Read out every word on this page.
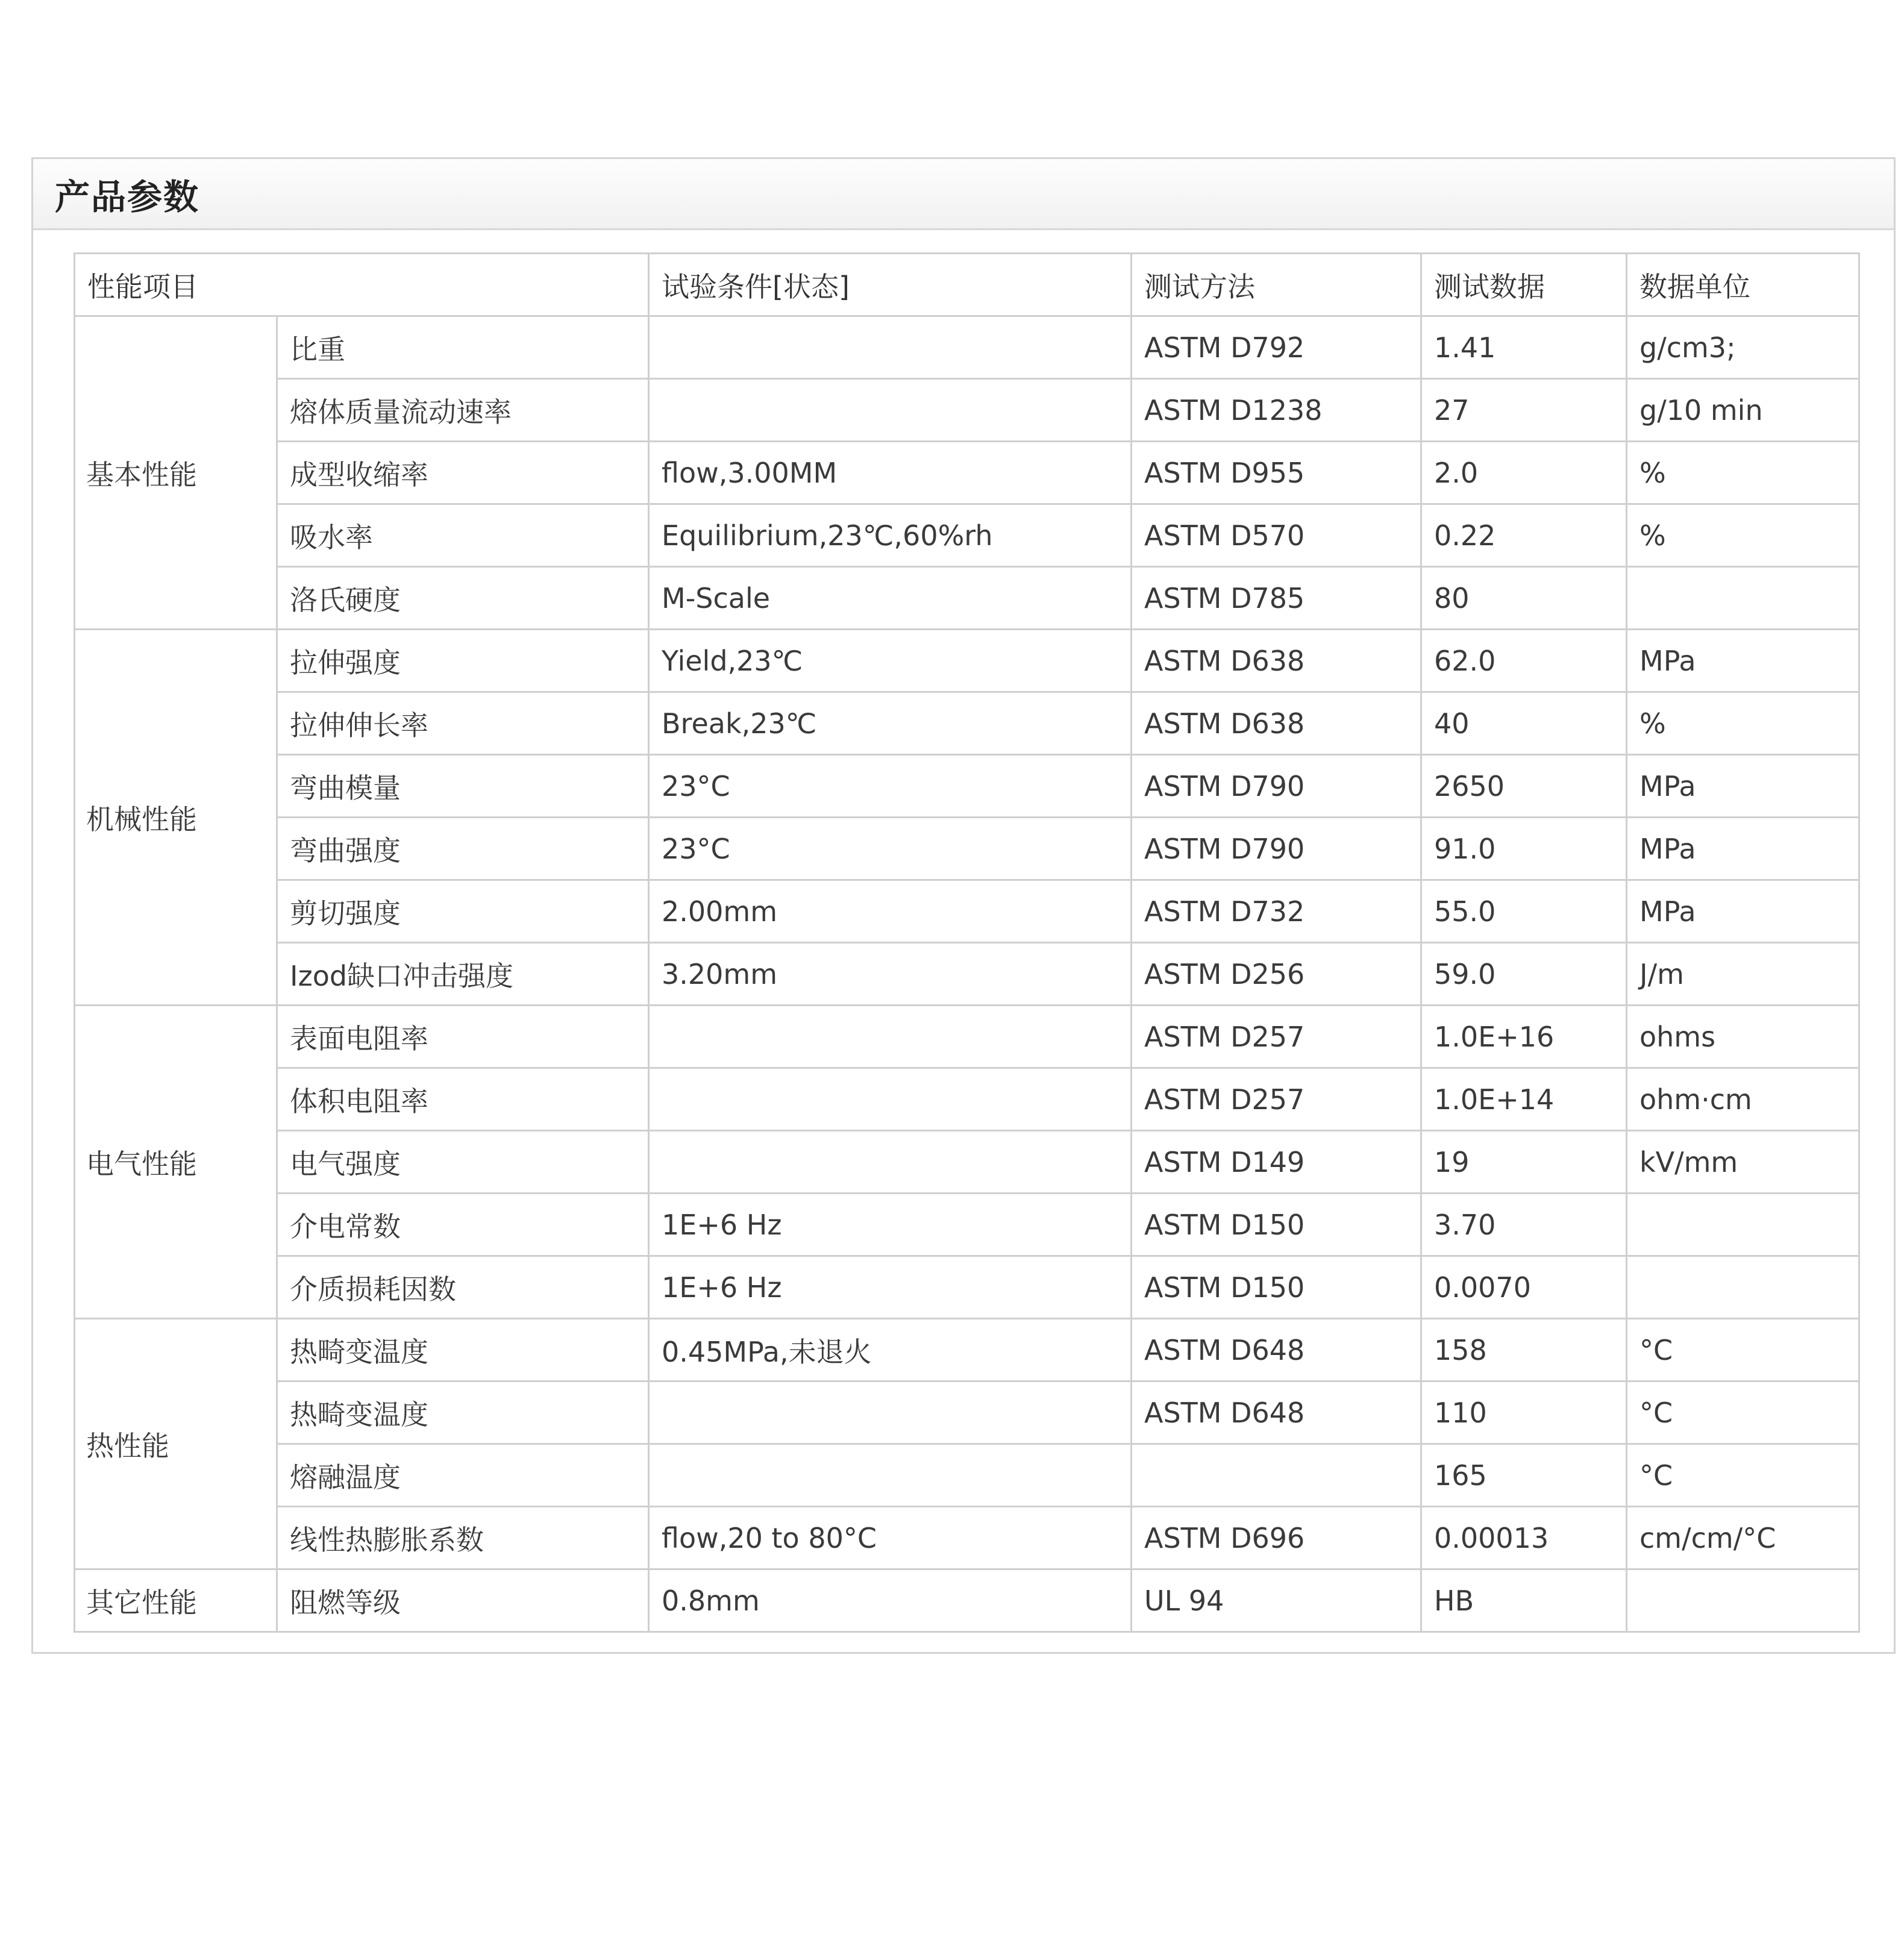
产品参数
性能项目		试验条件[状态]	测试方法	测试数据	数据单位
基本性能	比重		ASTM D792	1.41	g/cm3;
	熔体质量流动速率		ASTM D1238	27	g/10 min
	成型收缩率	flow,3.00MM	ASTM D955	2.0	%
	吸水率	Equilibrium,23℃,60%rh	ASTM D570	0.22	%
	洛氏硬度	M-Scale	ASTM D785	80	
机械性能	拉伸强度	Yield,23℃	ASTM D638	62.0	MPa
	拉伸伸长率	Break,23℃	ASTM D638	40	%
	弯曲模量	23°C	ASTM D790	2650	MPa
	弯曲强度	23°C	ASTM D790	91.0	MPa
	剪切强度	2.00mm	ASTM D732	55.0	MPa
	Izod缺口冲击强度	3.20mm	ASTM D256	59.0	J/m
电气性能	表面电阻率		ASTM D257	1.0E+16	ohms
	体积电阻率		ASTM D257	1.0E+14	ohm·cm
	电气强度		ASTM D149	19	kV/mm
	介电常数	1E+6 Hz	ASTM D150	3.70	
	介质损耗因数	1E+6 Hz	ASTM D150	0.0070	
热性能	热畸变温度	0.45MPa,未退火	ASTM D648	158	°C
	热畸变温度		ASTM D648	110	°C
	熔融温度			165	°C
	线性热膨胀系数	flow,20 to 80°C	ASTM D696	0.00013	cm/cm/°C
其它性能	阻燃等级	0.8mm	UL 94	HB	
